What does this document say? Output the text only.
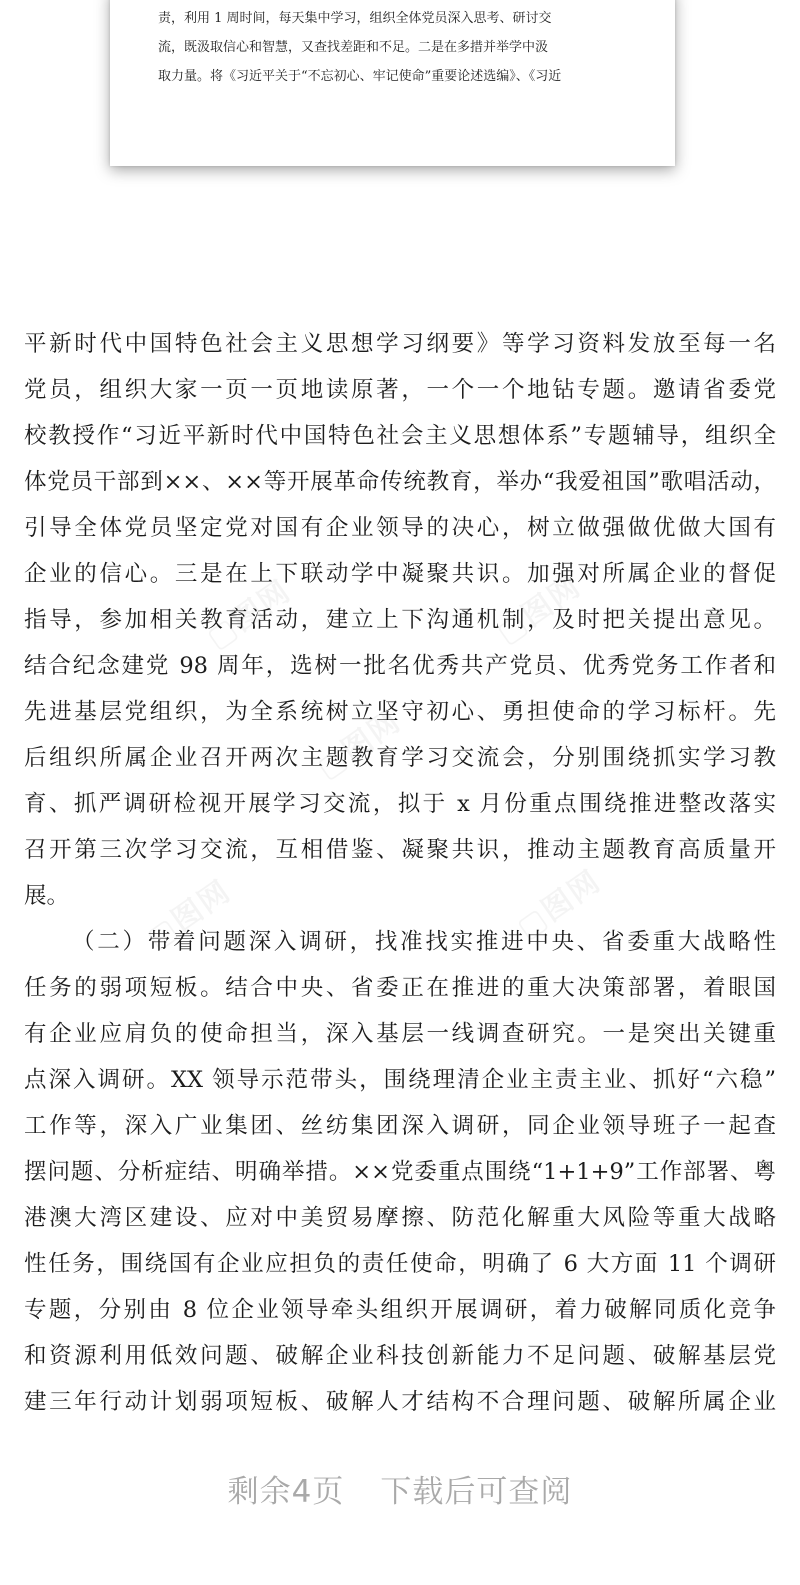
责，利用 1 周时间，每天集中学习，组织全体党员深入思考、研讨交
流，既汲取信心和智慧，又查找差距和不足。二是在多措并举学中汲
取力量。将《习近平关于“不忘初心、牢记使命”重要论述选编》、《习近
平新时代中国特色社会主义思想学习纲要》等学习资料发放至每一名
党员，组织大家一页一页地读原著，一个一个地钻专题。邀请省委党
校教授作“习近平新时代中国特色社会主义思想体系”专题辅导，组织全
体党员干部到××、××等开展革命传统教育，举办“我爱祖国”歌唱活动，
引导全体党员坚定党对国有企业领导的决心，树立做强做优做大国有
企业的信心。三是在上下联动学中凝聚共识。加强对所属企业的督促
指导，参加相关教育活动，建立上下沟通机制，及时把关提出意见。
结合纪念建党 98 周年，选树一批名优秀共产党员、优秀党务工作者和
先进基层党组织，为全系统树立坚守初心、勇担使命的学习标杆。先
后组织所属企业召开两次主题教育学习交流会，分别围绕抓实学习教
育、抓严调研检视开展学习交流，拟于 x 月份重点围绕推进整改落实
召开第三次学习交流，互相借鉴、凝聚共识，推动主题教育高质量开
展。
（二）带着问题深入调研，找准找实推进中央、省委重大战略性
任务的弱项短板。结合中央、省委正在推进的重大决策部署，着眼国
有企业应肩负的使命担当，深入基层一线调查研究。一是突出关键重
点深入调研。XX 领导示范带头，围绕理清企业主责主业、抓好“六稳”
工作等，深入广业集团、丝纺集团深入调研，同企业领导班子一起查
摆问题、分析症结、明确举措。××党委重点围绕“1+1+9”工作部署、粤
港澳大湾区建设、应对中美贸易摩擦、防范化解重大风险等重大战略
性任务，围绕国有企业应担负的责任使命，明确了 6 大方面 11 个调研
专题，分别由 8 位企业领导牵头组织开展调研，着力破解同质化竞争
和资源利用低效问题、破解企业科技创新能力不足问题、破解基层党
建三年行动计划弱项短板、破解人才结构不合理问题、破解所属企业
剩余4页 下载后可查阅
